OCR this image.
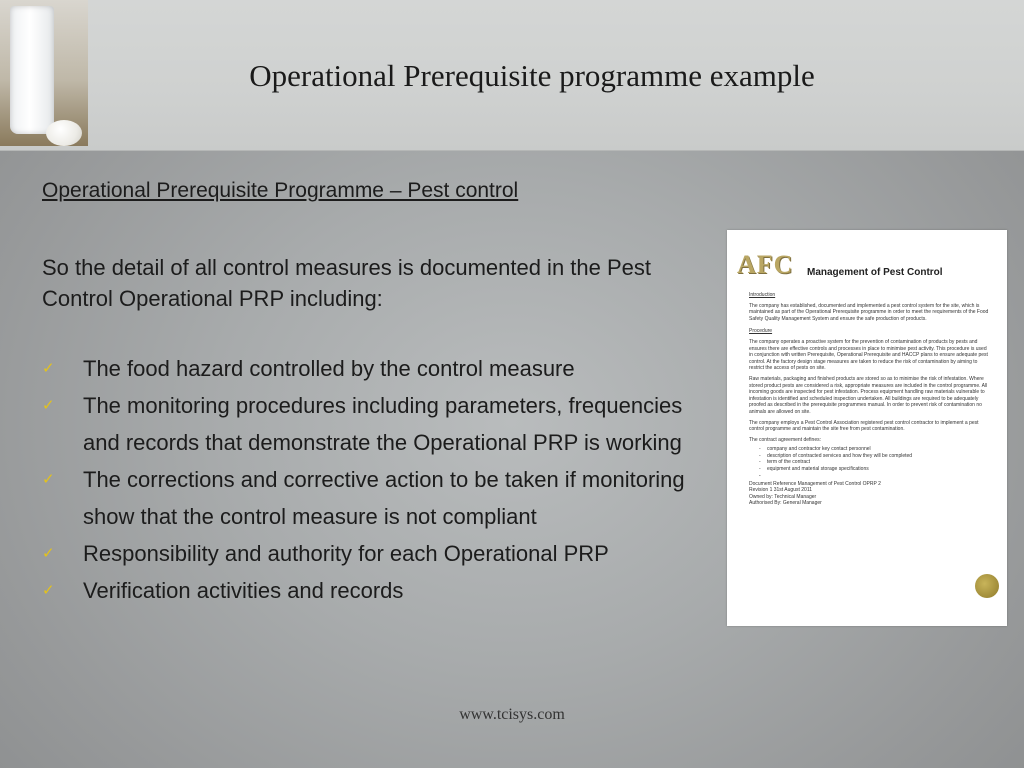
Operational Prerequisite programme example
Operational Prerequisite Programme – Pest control
So the detail of all control measures is documented in the Pest Control Operational PRP including:
✓ The food hazard controlled by the control measure
✓ The monitoring procedures including parameters, frequencies and records that demonstrate the Operational PRP is working
✓ The corrections and corrective action to be taken if monitoring show that the control measure is not compliant
✓ Responsibility and authority for each Operational PRP
✓ Verification activities and records
AFC Management of Pest Control
Introduction

The company has established, documented and implemented a pest control system for the site, which is maintained as part of the Operational Prerequisite programme in order to meet the requirements of the Food Safety Quality Management System and ensure the safe production of products.

Procedure

The company operates a proactive system for the prevention of contamination of products by pests and ensures there are effective controls and processes in place to minimise pest activity. This procedure is used in conjunction with written Prerequisite, Operational Prerequisite and HACCP plans to ensure adequate pest control. At the factory design stage measures are taken to reduce the risk of contamination by aiming to restrict the access of pests on site.

Raw materials, packaging and finished products are stored so as to minimise the risk of infestation. Where stored product pests are considered a risk, appropriate measures are included in the control programme. All incoming goods are inspected for pest infestation. Process equipment handling raw materials vulnerable to infestation is identified and scheduled inspection undertaken. All buildings are required to be adequately proofed as described in the prerequisite programmes manual. In order to prevent risk of contamination no animals are allowed on site.

The company employs a Pest Control Association registered pest control contractor to implement a pest control programme and maintain the site free from pest contamination.

The contract agreement defines:

- company and contractor key contact personnel
- description of contracted services and how they will be completed
- term of the contract
- equipment and material storage specifications
Document Reference Management of Pest Control OPRP 2
Revision 1 31st August 2011
Owned by: Technical Manager
Authorised By: General Manager
www.tcisys.com
